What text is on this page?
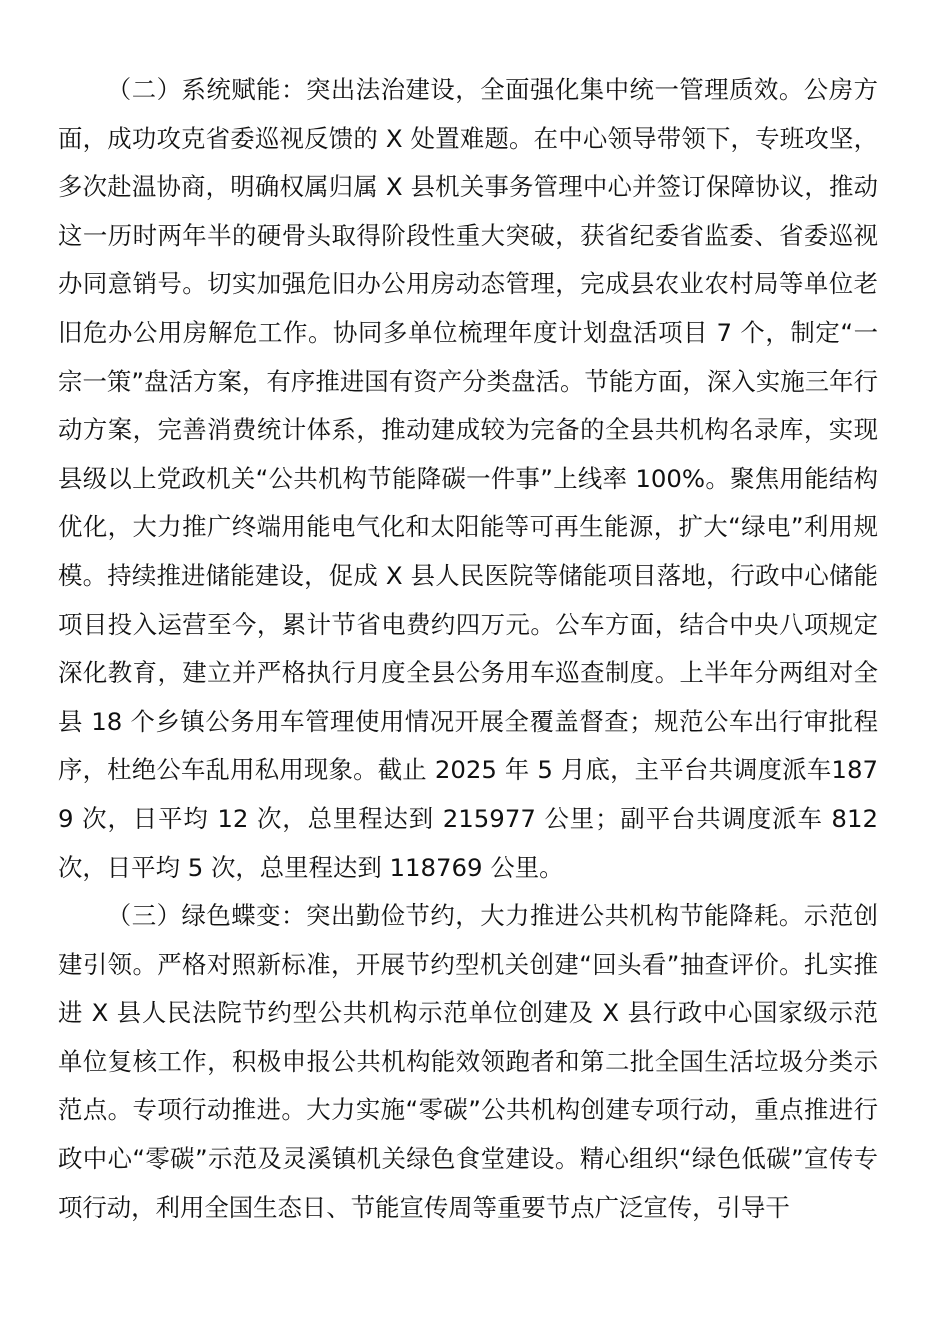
（二）系统赋能：突出法治建设，全面强化集中统一管理质效。公房方面，成功攻克省委巡视反馈的 X 处置难题。在中心领导带领下，专班攻坚，多次赴温协商，明确权属归属 X 县机关事务管理中心并签订保障协议，推动这一历时两年半的硬骨头取得阶段性重大突破，获省纪委省监委、省委巡视办同意销号。切实加强危旧办公用房动态管理，完成县农业农村局等单位老旧危办公用房解危工作。协同多单位梳理年度计划盘活项目 7 个，制定“一宗一策”盘活方案，有序推进国有资产分类盘活。节能方面，深入实施三年行动方案，完善消费统计体系，推动建成较为完备的全县共机构名录库，实现县级以上党政机关“公共机构节能降碳一件事”上线率 100%。聚焦用能结构优化，大力推广终端用能电气化和太阳能等可再生能源，扩大“绿电”利用规模。持续推进储能建设，促成 X 县人民医院等储能项目落地，行政中心储能项目投入运营至今，累计节省电费约四万元。公车方面，结合中央八项规定深化教育，建立并严格执行月度全县公务用车巡查制度。上半年分两组对全县 18 个乡镇公务用车管理使用情况开展全覆盖督查；规范公车出行审批程序，杜绝公车乱用私用现象。截止 2025 年 5 月底，主平台共调度派车1879 次，日平均 12 次，总里程达到 215977 公里；副平台共调度派车 812次，日平均 5 次，总里程达到 118769 公里。

（三）绿色蝶变：突出勤俭节约，大力推进公共机构节能降耗。示范创建引领。严格对照新标准，开展节约型机关创建“回头看”抽查评价。扎实推进 X 县人民法院节约型公共机构示范单位创建及 X 县行政中心国家级示范单位复核工作，积极申报公共机构能效领跑者和第二批全国生活垃圾分类示范点。专项行动推进。大力实施“零碳”公共机构创建专项行动，重点推进行政中心“零碳”示范及灵溪镇机关绿色食堂建设。精心组织“绿色低碳”宣传专项行动，利用全国生态日、节能宣传周等重要节点广泛宣传，引导干
